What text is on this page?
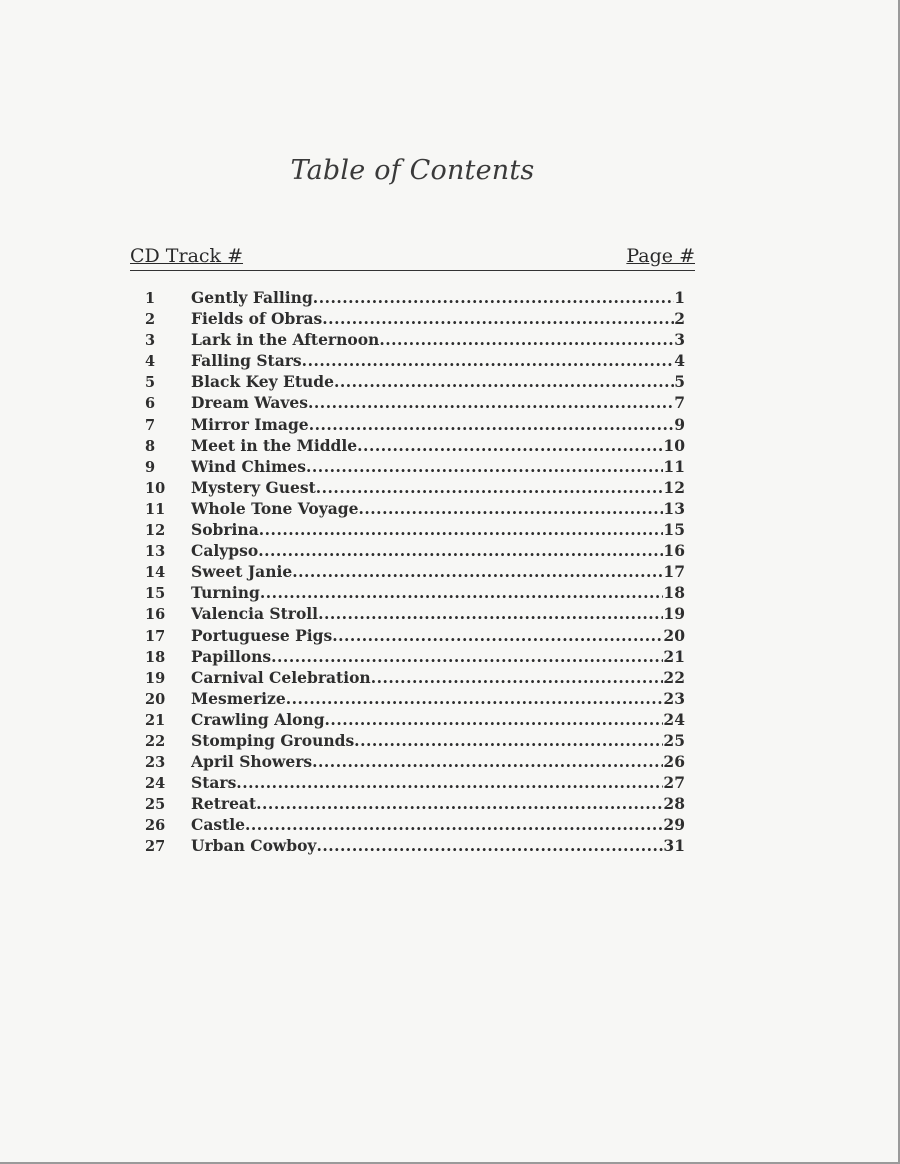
Table of Contents
CD Track #	Page #
1	Gently Falling .....	1
2	Fields of Obras .....	2
3	Lark in the Afternoon .....	3
4	Falling Stars .....	4
5	Black Key Etude .....	5
6	Dream Waves .....	7
7	Mirror Image .....	9
8	Meet in the Middle .....	10
9	Wind Chimes .....	11
10	Mystery Guest .....	12
11	Whole Tone Voyage .....	13
12	Sobrina .....	15
13	Calypso .....	16
14	Sweet Janie .....	17
15	Turning .....	18
16	Valencia Stroll .....	19
17	Portuguese Pigs .....	20
18	Papillons .....	21
19	Carnival Celebration .....	22
20	Mesmerize .....	23
21	Crawling Along .....	24
22	Stomping Grounds .....	25
23	April Showers .....	26
24	Stars .....	27
25	Retreat .....	28
26	Castle .....	29
27	Urban Cowboy .....	31
